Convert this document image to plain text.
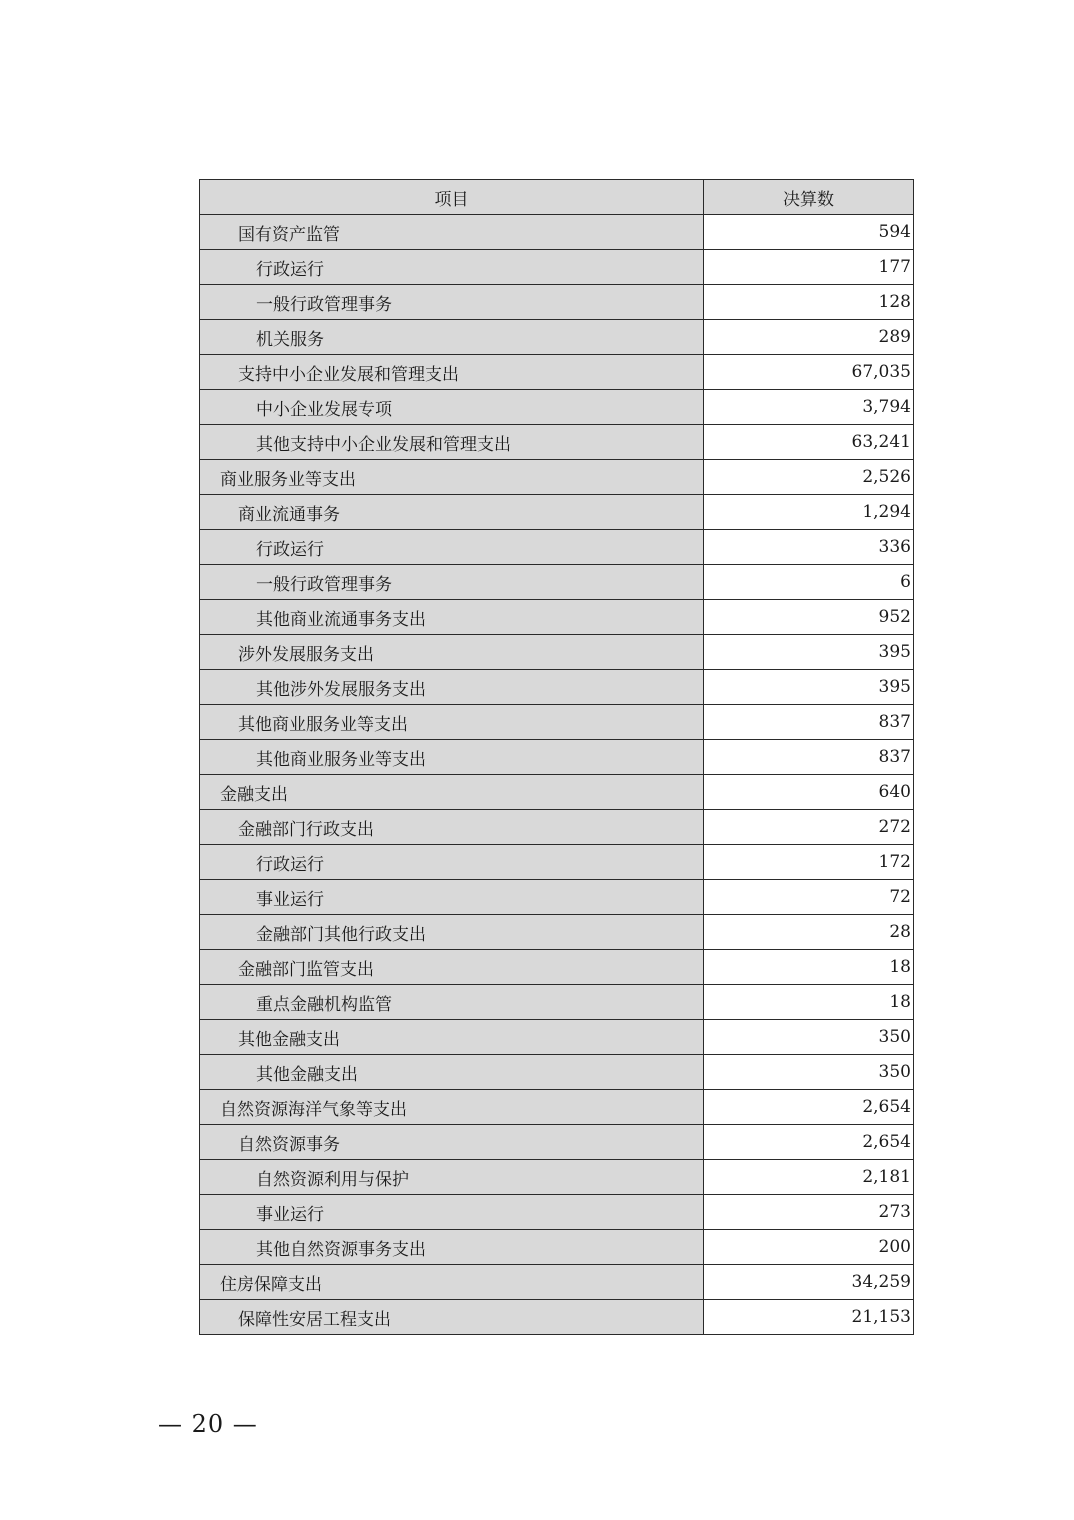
项目	决算数
国有资产监管	594
行政运行	177
一般行政管理事务	128
机关服务	289
支持中小企业发展和管理支出	67,035
中小企业发展专项	3,794
其他支持中小企业发展和管理支出	63,241
商业服务业等支出	2,526
商业流通事务	1,294
行政运行	336
一般行政管理事务	6
其他商业流通事务支出	952
涉外发展服务支出	395
其他涉外发展服务支出	395
其他商业服务业等支出	837
其他商业服务业等支出	837
金融支出	640
金融部门行政支出	272
行政运行	172
事业运行	72
金融部门其他行政支出	28
金融部门监管支出	18
重点金融机构监管	18
其他金融支出	350
其他金融支出	350
自然资源海洋气象等支出	2,654
自然资源事务	2,654
自然资源利用与保护	2,181
事业运行	273
其他自然资源事务支出	200
住房保障支出	34,259
保障性安居工程支出	21,153
— 20 —
